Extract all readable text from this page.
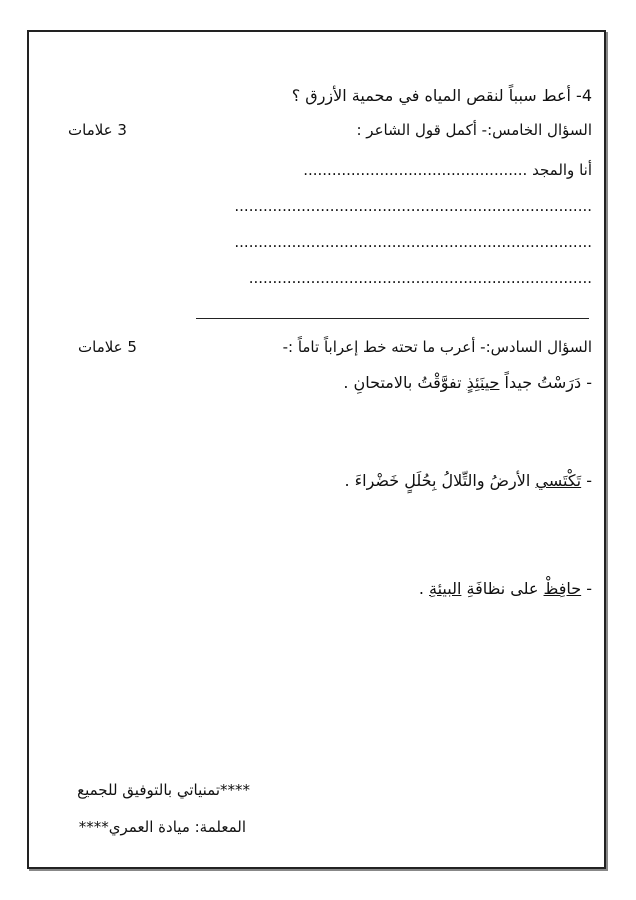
4- أعط سبباً لنقص المياه في محمية الأزرق ؟
السؤال الخامس:- أكمل قول الشاعر :
3 علامات
أنا والمجد ...............................................
...........................................................................
...........................................................................
........................................................................
السؤال السادس:- أعرب ما تحته خط إعراباً تاماً :-
5 علامات
- دَرَسْتُ جيداً حينَئِذٍ تفوَّقْتُ بالامتحانِ .
- تَكْتَسي الأرضُ والتِّلالُ بِحُلَلٍ خَضْراءَ .
- حافِظْ على نظافَةِ البيئةِ .
****تمنياتي بالتوفيق للجميع
المعلمة: ميادة العمري****
